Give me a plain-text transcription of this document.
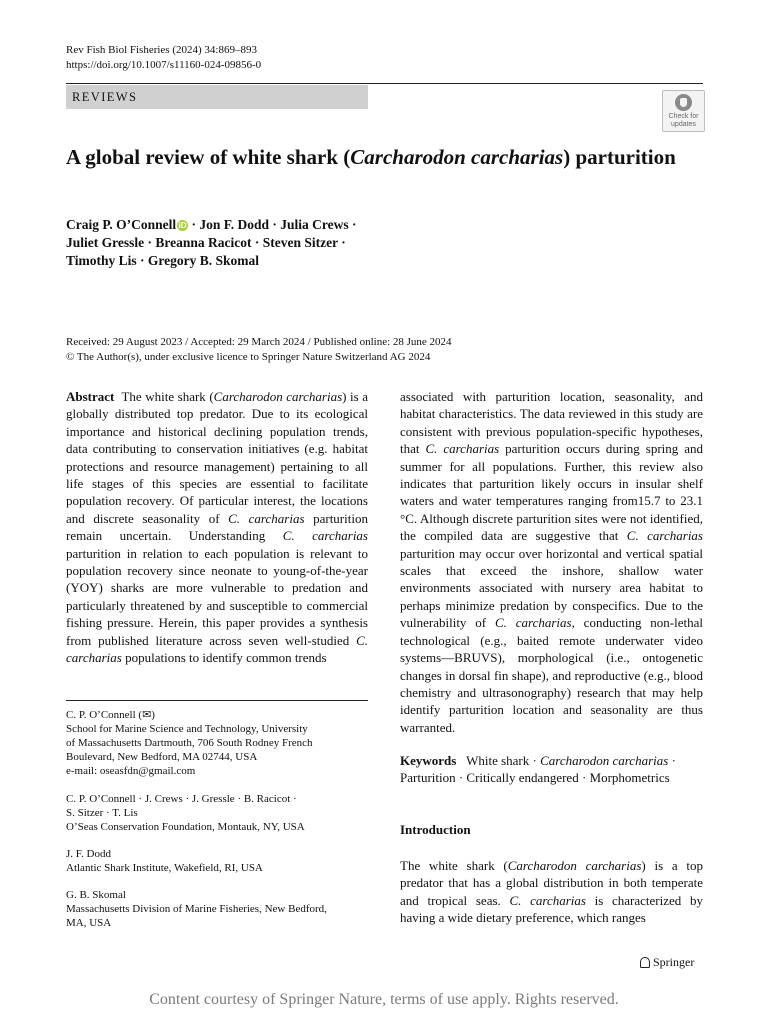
Rev Fish Biol Fisheries (2024) 34:869–893
https://doi.org/10.1007/s11160-024-09856-0
REVIEWS
Check for
updates
A global review of white shark (Carcharodon carcharias) parturition
Craig P. O’Connell iD · Jon F. Dodd · Julia Crews ·
Juliet Gressle · Breanna Racicot · Steven Sitzer ·
Timothy Lis · Gregory B. Skomal
Received: 29 August 2023 / Accepted: 29 March 2024 / Published online: 28 June 2024
© The Author(s), under exclusive licence to Springer Nature Switzerland AG 2024

Abstract The white shark (Carcharodon carcharias) is a globally distributed top predator. Due to its ecological importance and historical declining population trends, data contributing to conservation initiatives (e.g. habitat protections and resource management) pertaining to all life stages of this species are essential to facilitate population recovery. Of particular interest, the locations and discrete seasonality of C. carcharias parturition remain uncertain. Understanding C. carcharias parturition in relation to each population is relevant to population recovery since neonate to young-of-the-year (YOY) sharks are more vulnerable to predation and particularly threatened by and susceptible to commercial fishing pressure. Herein, this paper provides a synthesis from published literature across seven well-studied C. carcharias populations to identify common trends

associated with parturition location, seasonality, and habitat characteristics. The data reviewed in this study are consistent with previous population-specific hypotheses, that C. carcharias parturition occurs during spring and summer for all populations. Further, this review also indicates that parturition likely occurs in insular shelf waters and water temperatures ranging from15.7 to 23.1 °C. Although discrete parturition sites were not identified, the compiled data are suggestive that C. carcharias parturition may occur over horizontal and vertical spatial scales that exceed the inshore, shallow water environments associated with nursery area habitat to perhaps minimize predation by conspecifics. Due to the vulnerability of C. carcharias, conducting non-lethal technological (e.g., baited remote underwater video systems—BRUVS), morphological (i.e., ontogenetic changes in dorsal fin shape), and reproductive (e.g., blood chemistry and ultrasonography) research that may help identify parturition location and seasonality are thus warranted.

C. P. O’Connell (✉)
School for Marine Science and Technology, University
of Massachusetts Dartmouth, 706 South Rodney French
Boulevard, New Bedford, MA 02744, USA
e-mail: oseasfdn@gmail.com
C. P. O’Connell · J. Crews · J. Gressle · B. Racicot ·
S. Sitzer · T. Lis
O’Seas Conservation Foundation, Montauk, NY, USA
J. F. Dodd
Atlantic Shark Institute, Wakefield, RI, USA
G. B. Skomal
Massachusetts Division of Marine Fisheries, New Bedford,
MA, USA
Keywords White shark · Carcharodon carcharias ·
Parturition · Critically endangered · Morphometrics
Introduction
The white shark (Carcharodon carcharias) is a top predator that has a global distribution in both temperate and tropical seas. C. carcharias is characterized by having a wide dietary preference, which ranges
Springer
Content courtesy of Springer Nature, terms of use apply. Rights reserved.
